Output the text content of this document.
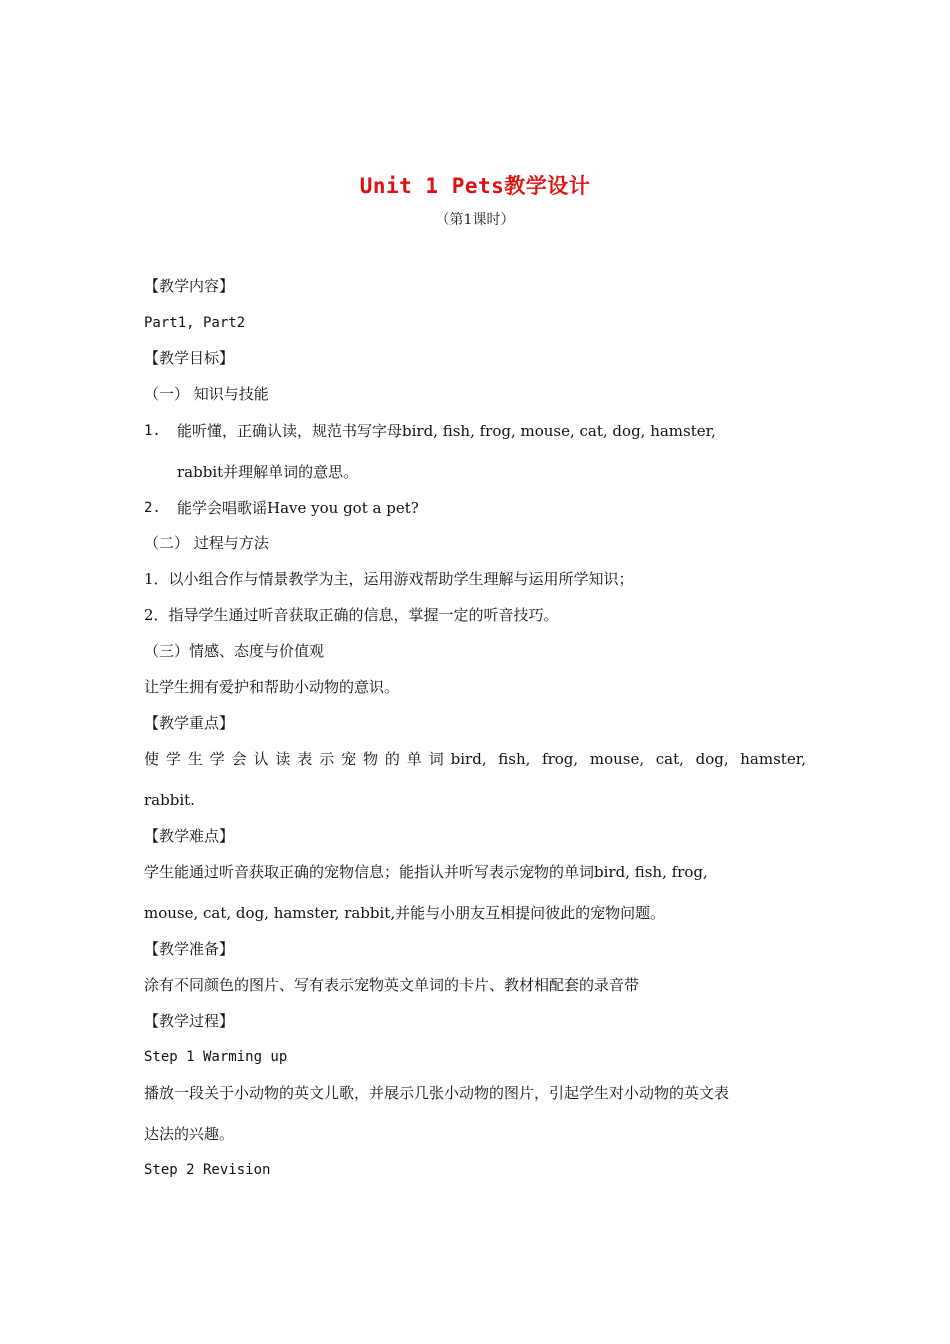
Unit 1 Pets教学设计
（第1课时）
【教学内容】
Part1, Part2
【教学目标】
（一） 知识与技能
1.	能听懂，正确认读，规范书写字母bird, fish, frog, mouse, cat, dog, hamster,
rabbit并理解单词的意思。
2.	能学会唱歌谣Have you got a pet?
（二） 过程与方法
1．以小组合作与情景教学为主，运用游戏帮助学生理解与运用所学知识；
2．指导学生通过听音获取正确的信息，掌握一定的听音技巧。
（三）情感、态度与价值观
让学生拥有爱护和帮助小动物的意识。
【教学重点】
使学生学会认读表示宠物的单词bird, fish, frog, mouse, cat, dog, hamster,
rabbit.
【教学难点】
学生能通过听音获取正确的宠物信息；能指认并听写表示宠物的单词bird, fish, frog,
mouse, cat, dog, hamster, rabbit,并能与小朋友互相提问彼此的宠物问题。
【教学准备】
涂有不同颜色的图片、写有表示宠物英文单词的卡片、教材相配套的录音带
【教学过程】
Step 1 Warming up
播放一段关于小动物的英文儿歌，并展示几张小动物的图片，引起学生对小动物的英文表
达法的兴趣。
Step 2 Revision
